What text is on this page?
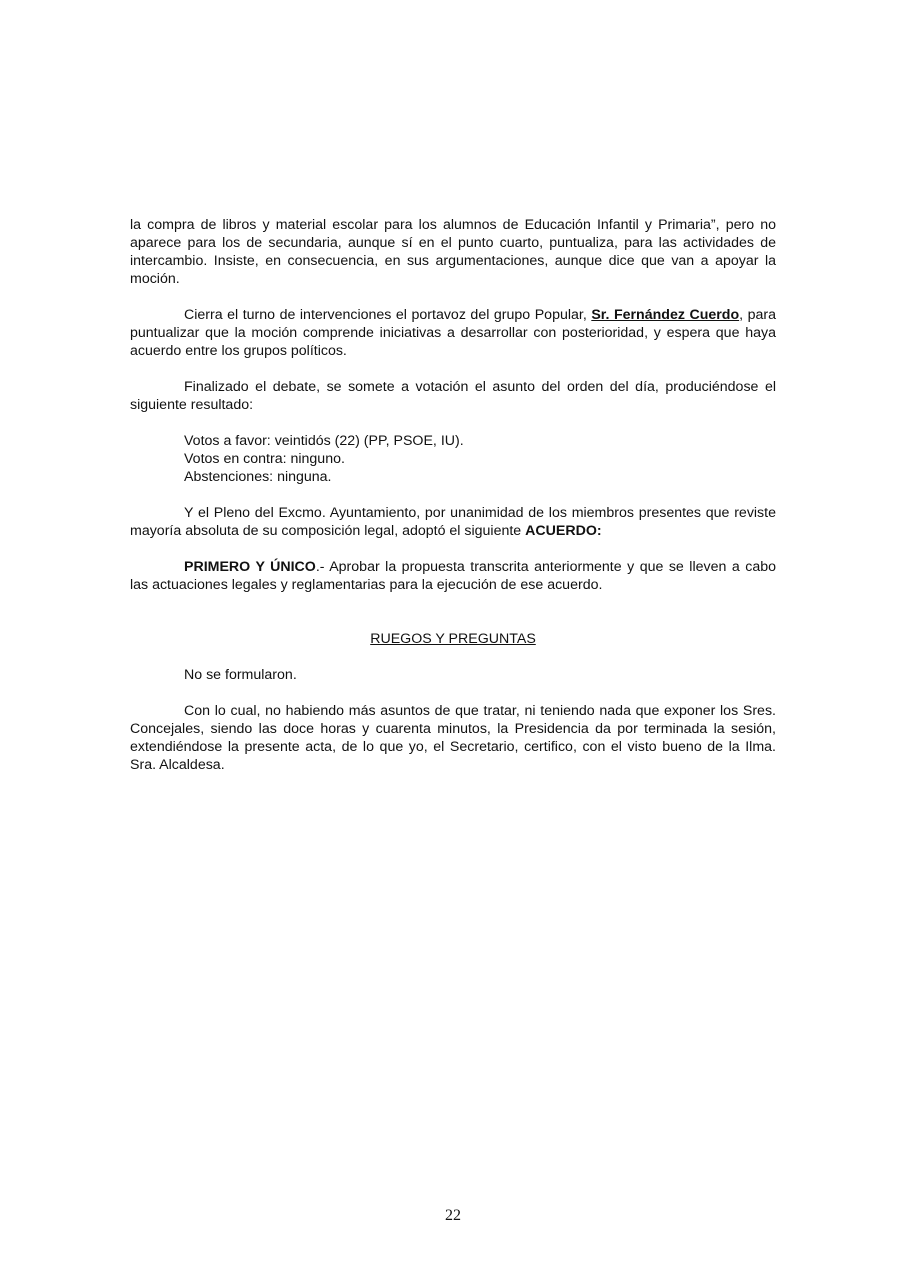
la compra de libros y material escolar para los alumnos de Educación Infantil y Primaria”, pero no aparece para los de secundaria, aunque sí en el punto cuarto, puntualiza, para las actividades de intercambio. Insiste, en consecuencia, en sus argumentaciones, aunque dice que van a apoyar la moción.

Cierra el turno de intervenciones el portavoz del grupo Popular, Sr. Fernández Cuerdo, para puntualizar que la moción comprende iniciativas a desarrollar con posterioridad, y espera que haya acuerdo entre los grupos políticos.

Finalizado el debate, se somete a votación el asunto del orden del día, produciéndose el siguiente resultado:

Votos a favor: veintidós (22) (PP, PSOE, IU).
Votos en contra: ninguno.
Abstenciones: ninguna.

Y el Pleno del Excmo. Ayuntamiento, por unanimidad de los miembros presentes que reviste mayoría absoluta de su composición legal, adoptó el siguiente ACUERDO:

PRIMERO Y ÚNICO.- Aprobar la propuesta transcrita anteriormente y que se lleven a cabo las actuaciones legales y reglamentarias para la ejecución de ese acuerdo.

RUEGOS Y PREGUNTAS

No se formularon.

Con lo cual, no habiendo más asuntos de que tratar, ni teniendo nada que exponer los Sres. Concejales, siendo las doce horas y cuarenta minutos, la Presidencia da por terminada la sesión, extendiéndose la presente acta, de lo que yo, el Secretario, certifico, con el visto bueno de la Ilma. Sra. Alcaldesa.

22
